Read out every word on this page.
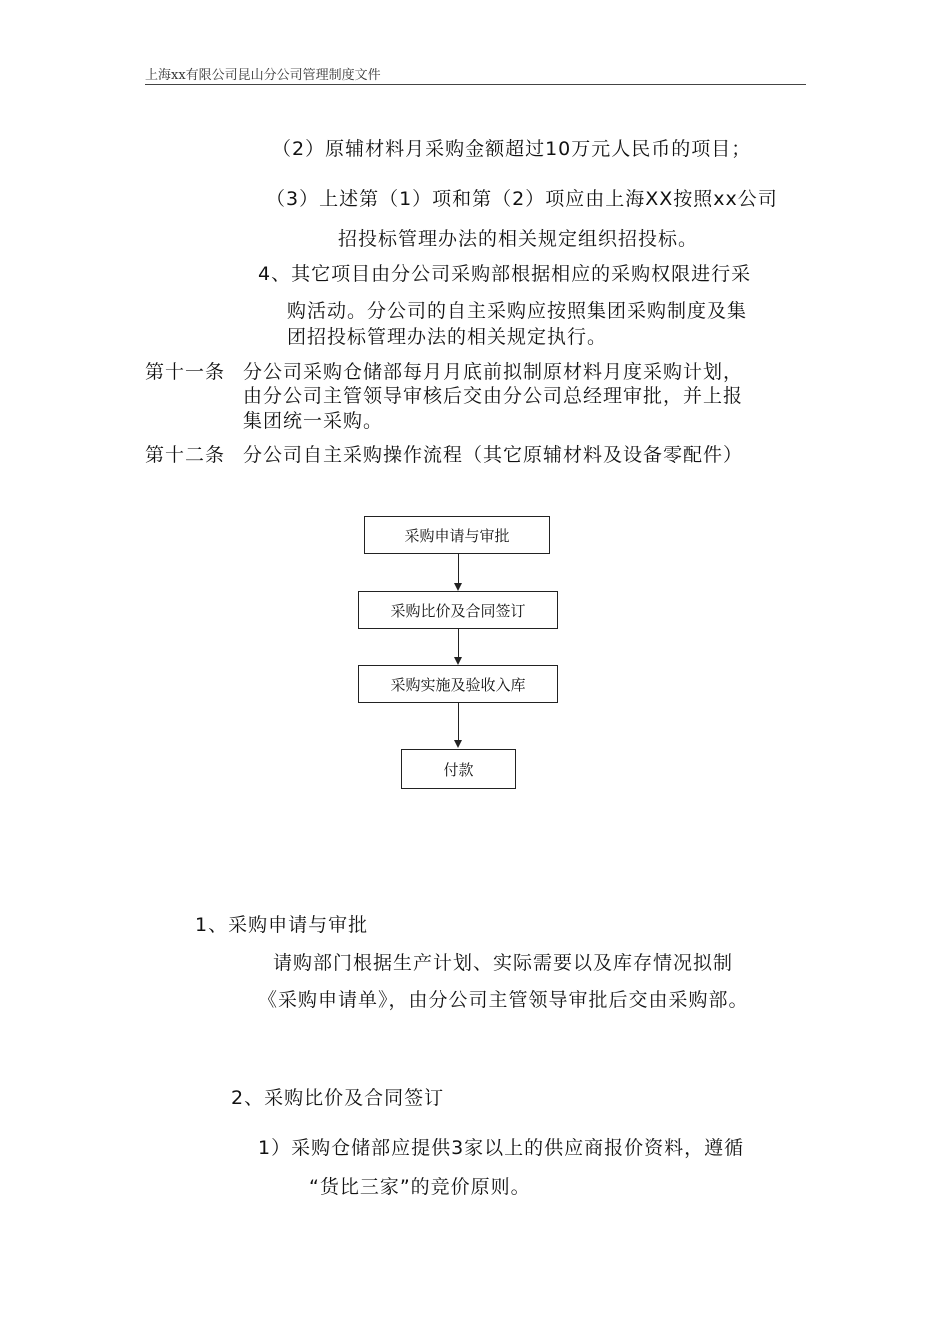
上海xx有限公司昆山分公司管理制度文件
（2）原辅材料月采购金额超过10万元人民币的项目；
（3）上述第（1）项和第（2）项应由上海XX按照xx公司
招投标管理办法的相关规定组织招投标。
4、其它项目由分公司采购部根据相应的采购权限进行采
购活动。分公司的自主采购应按照集团采购制度及集
团招投标管理办法的相关规定执行。
第十一条 分公司采购仓储部每月月底前拟制原材料月度采购计划，
由分公司主管领导审核后交由分公司总经理审批，并上报
集团统一采购。
第十二条 分公司自主采购操作流程（其它原辅材料及设备零配件）
采购申请与审批
采购比价及合同签订
采购实施及验收入库
付款
1、采购申请与审批
请购部门根据生产计划、实际需要以及库存情况拟制
《采购申请单》，由分公司主管领导审批后交由采购部。
2、采购比价及合同签订
1）采购仓储部应提供3家以上的供应商报价资料，遵循
“货比三家”的竞价原则。
